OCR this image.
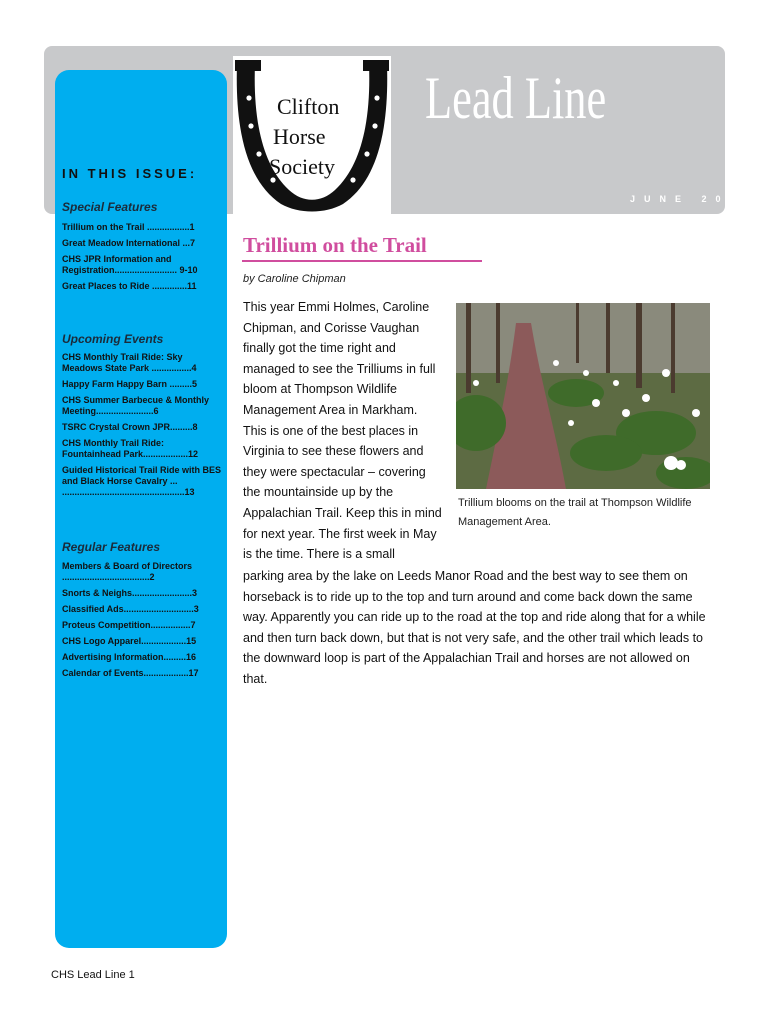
Lead Line
JUNE 2010
Clifton
Horse
Society
IN THIS ISSUE:
Special Features
Trillium on the Trail .................1
Great Meadow International ...7
CHS JPR Information and Registration......................... 9-10
Great Places to Ride ..............11
Upcoming Events
CHS Monthly Trail Ride: Sky Meadows State Park ................4
Happy Farm Happy Barn .........5
CHS Summer Barbecue & Monthly Meeting.......................6
TSRC Crystal Crown JPR.........8
CHS Monthly Trail Ride: Fountainhead Park..................12
Guided Historical Trail Ride with BES and Black Horse Cavalry ... .................................................13
Regular Features
Members & Board of Directors ...................................2
Snorts & Neighs........................3
Classified Ads............................3
Proteus Competition................7
CHS Logo Apparel..................15
Advertising Information.........16
Calendar of Events..................17
Trillium on the Trail
by Caroline Chipman

This year Emmi Holmes, Caroline Chipman, and Corisse Vaughan finally got the time right and managed to see the Trilliums in full bloom at Thompson Wildlife Management Area in Markham. This is one of the best places in Virginia to see these flowers and they were spectacular – covering the mountainside up by the Appalachian Trail. Keep this in mind for next year. The first week in May is the time. There is a small

Trillium blooms on the trail at Thompson Wildlife Management Area.

parking area by the lake on Leeds Manor Road and the best way to see them on horseback is to ride up to the top and turn around and come back down the same way. Apparently you can ride up to the road at the top and ride along that for a while and then turn back down, but that is not very safe, and the other trail which leads to the downward loop is part of the Appalachian Trail and horses are not allowed on that.

CHS Lead Line 1
